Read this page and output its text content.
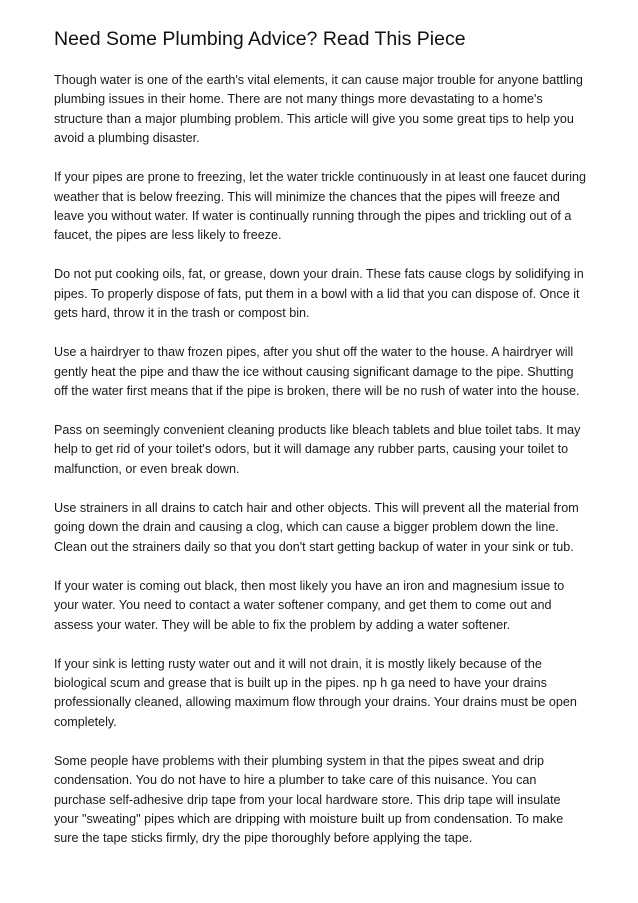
Need Some Plumbing Advice? Read This Piece

Though water is one of the earth's vital elements, it can cause major trouble for anyone battling plumbing issues in their home. There are not many things more devastating to a home's structure than a major plumbing problem. This article will give you some great tips to help you avoid a plumbing disaster.

If your pipes are prone to freezing, let the water trickle continuously in at least one faucet during weather that is below freezing. This will minimize the chances that the pipes will freeze and leave you without water. If water is continually running through the pipes and trickling out of a faucet, the pipes are less likely to freeze.

Do not put cooking oils, fat, or grease, down your drain. These fats cause clogs by solidifying in pipes. To properly dispose of fats, put them in a bowl with a lid that you can dispose of. Once it gets hard, throw it in the trash or compost bin.

Use a hairdryer to thaw frozen pipes, after you shut off the water to the house. A hairdryer will gently heat the pipe and thaw the ice without causing significant damage to the pipe. Shutting off the water first means that if the pipe is broken, there will be no rush of water into the house.

Pass on seemingly convenient cleaning products like bleach tablets and blue toilet tabs. It may help to get rid of your toilet's odors, but it will damage any rubber parts, causing your toilet to malfunction, or even break down.

Use strainers in all drains to catch hair and other objects. This will prevent all the material from going down the drain and causing a clog, which can cause a bigger problem down the line. Clean out the strainers daily so that you don't start getting backup of water in your sink or tub.

If your water is coming out black, then most likely you have an iron and magnesium issue to your water. You need to contact a water softener company, and get them to come out and assess your water. They will be able to fix the problem by adding a water softener.

If your sink is letting rusty water out and it will not drain, it is mostly likely because of the biological scum and grease that is built up in the pipes. np h ga need to have your drains professionally cleaned, allowing maximum flow through your drains. Your drains must be open completely.

Some people have problems with their plumbing system in that the pipes sweat and drip condensation. You do not have to hire a plumber to take care of this nuisance. You can purchase self-adhesive drip tape from your local hardware store. This drip tape will insulate your "sweating" pipes which are dripping with moisture built up from condensation. To make sure the tape sticks firmly, dry the pipe thoroughly before applying the tape.
